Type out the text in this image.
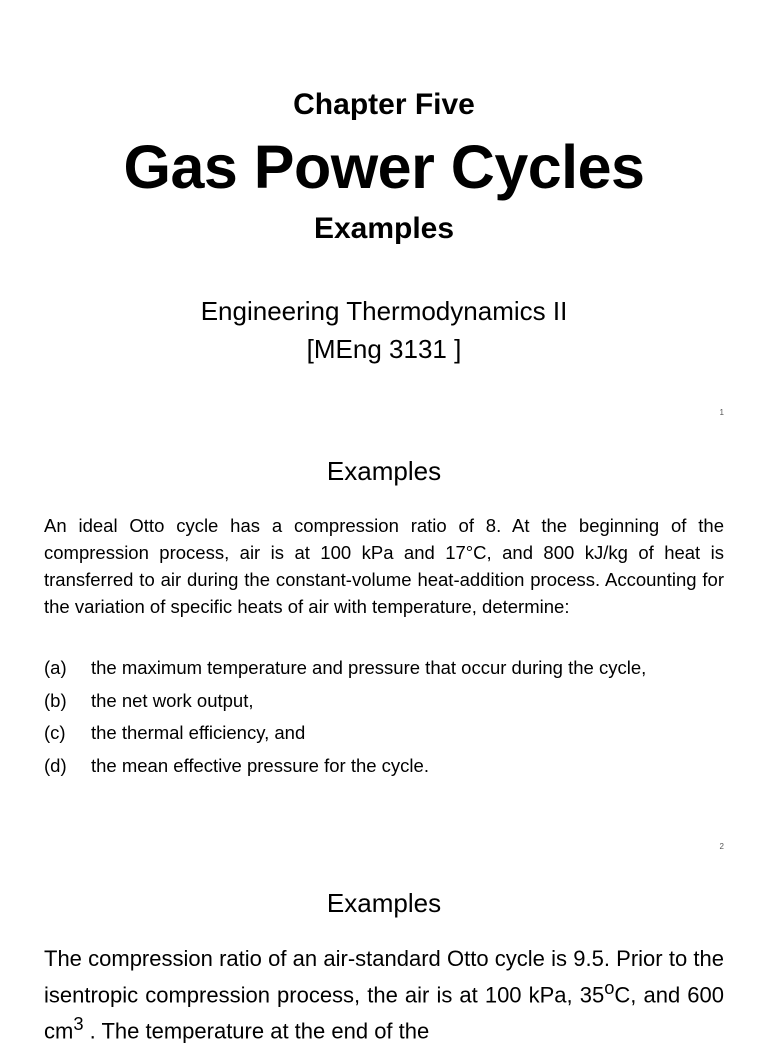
Chapter Five
Gas Power Cycles
Examples
Engineering Thermodynamics II
[MEng 3131 ]
1
Examples
An ideal Otto cycle has a compression ratio of 8. At the beginning of the compression process, air is at 100 kPa and 17°C, and 800 kJ/kg of heat is transferred to air during the constant-volume heat-addition process. Accounting for the variation of specific heats of air with temperature, determine:
(a)	the maximum temperature and pressure that occur during the cycle,
(b)	the net work output,
(c)	the thermal efficiency, and
(d)	the mean effective pressure for the cycle.
2
Examples
The compression ratio of an air-standard Otto cycle is 9.5. Prior to the isentropic compression process, the air is at 100 kPa, 35$^o$C, and 600 $cm^3$ . The temperature at the end of the
